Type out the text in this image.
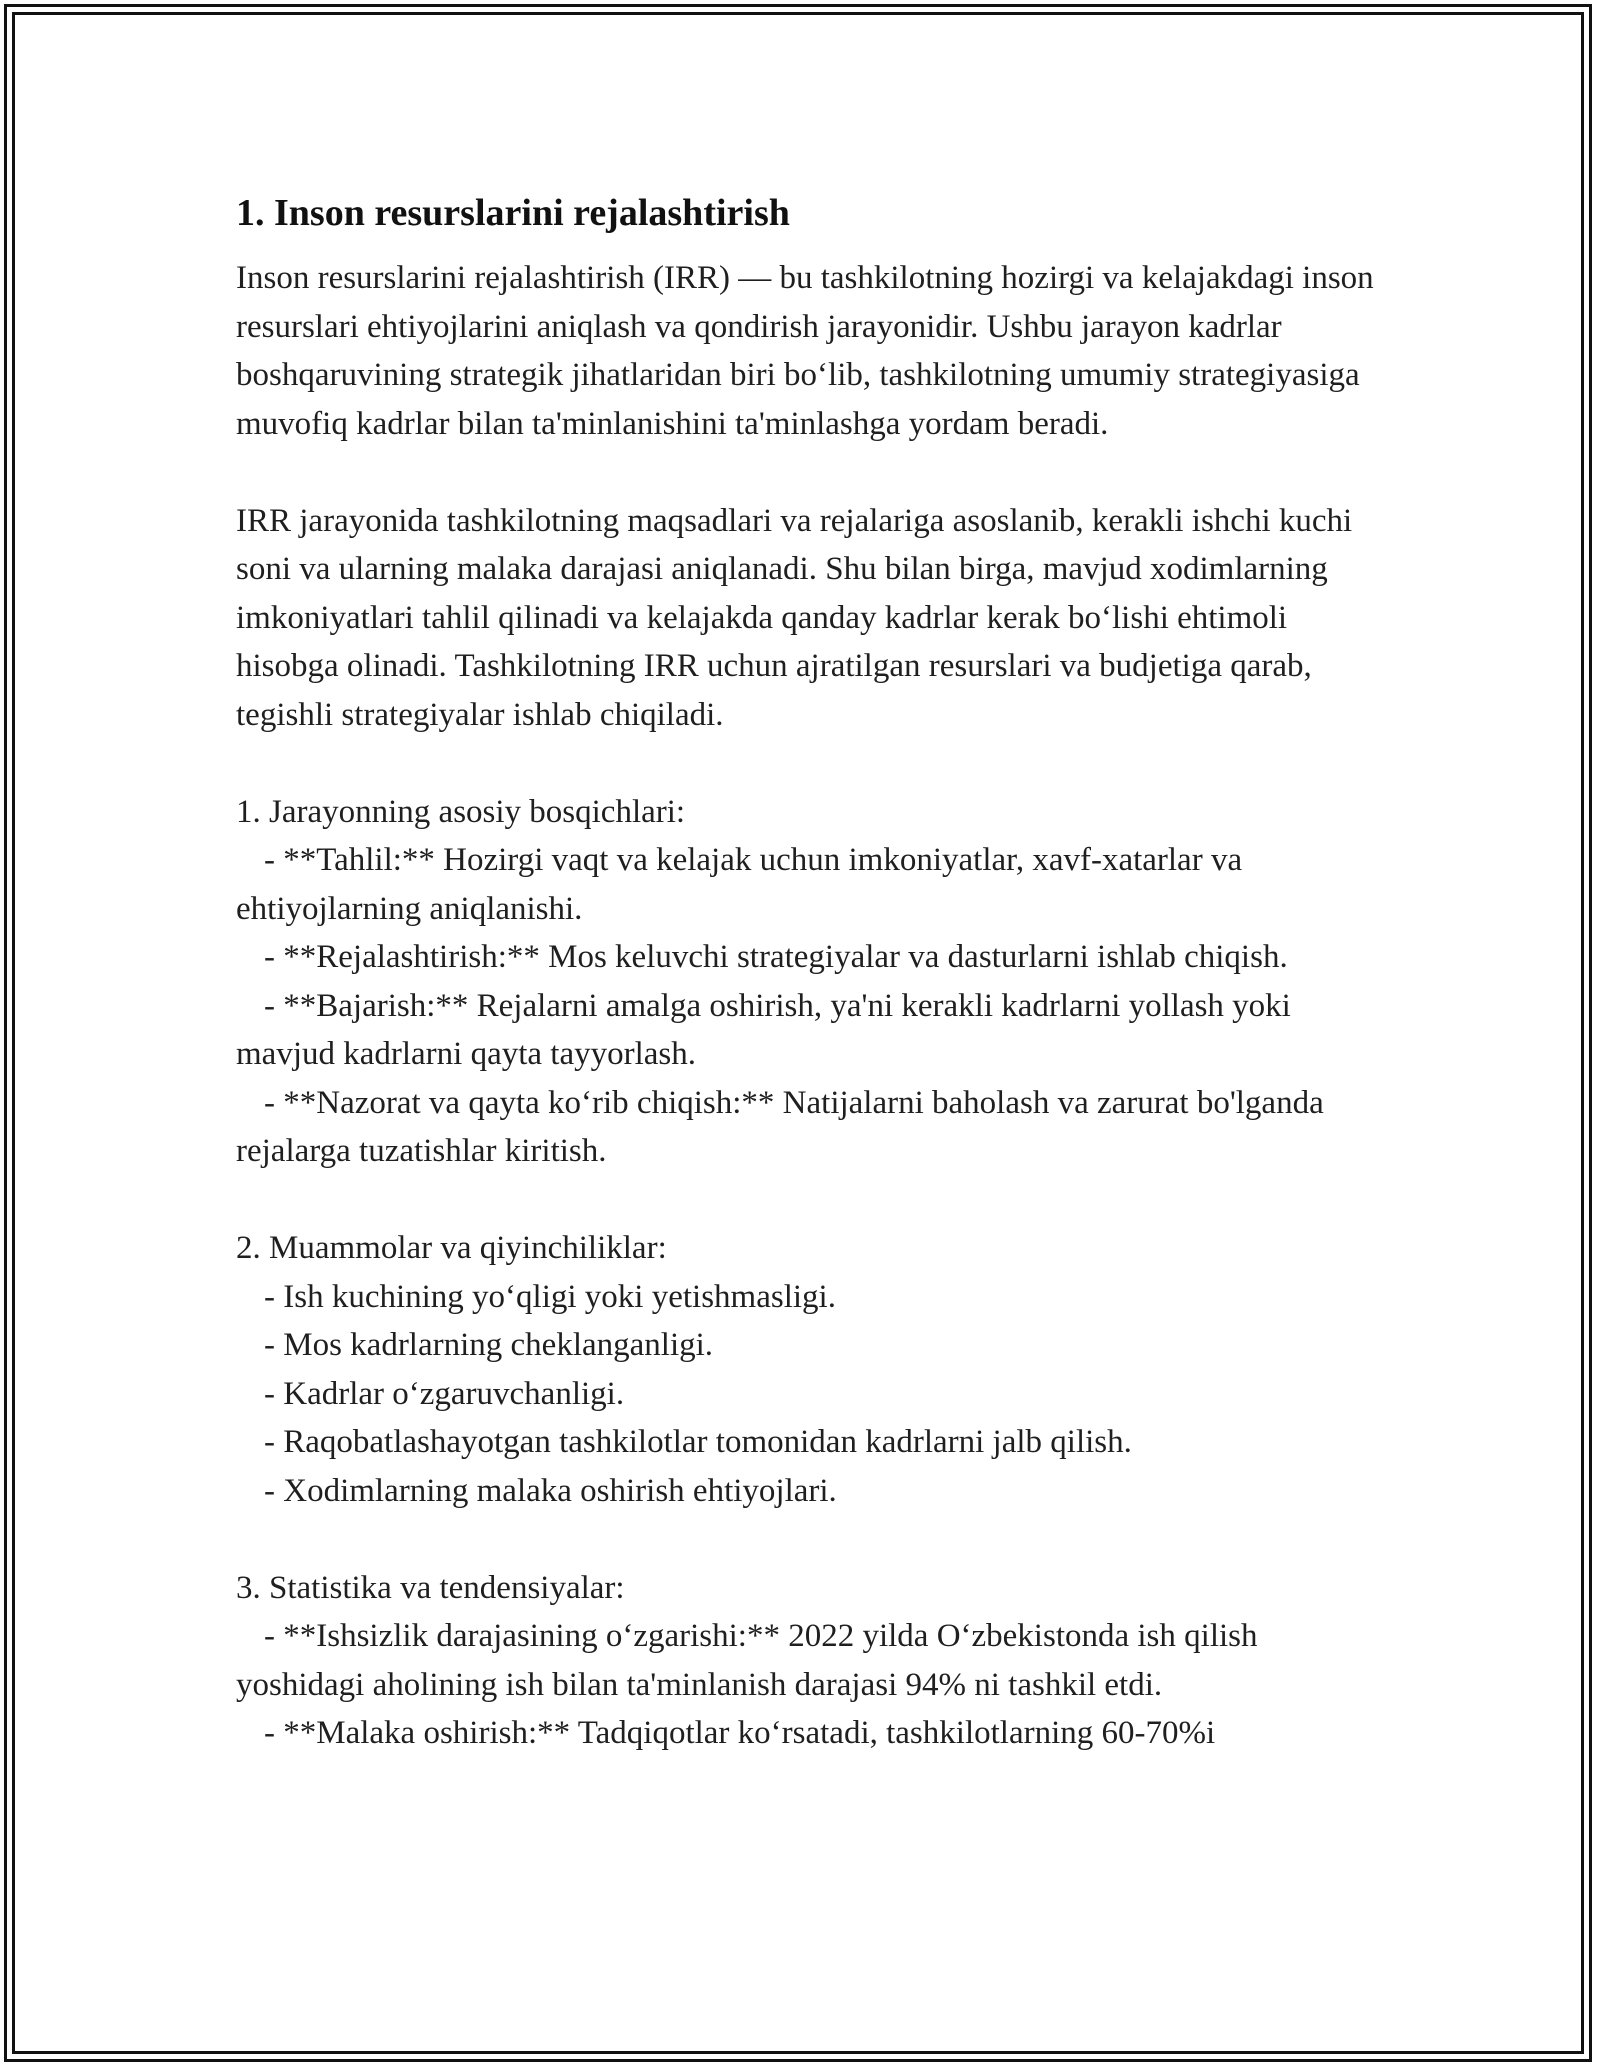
1. Inson resurslarini rejalashtirish

Inson resurslarini rejalashtirish (IRR) — bu tashkilotning hozirgi va kelajakdagi inson resurslari ehtiyojlarini aniqlash va qondirish jarayonidir. Ushbu jarayon kadrlar boshqaruvining strategik jihatlaridan biri bo‘lib, tashkilotning umumiy strategiyasiga muvofiq kadrlar bilan ta'minlanishini ta'minlashga yordam beradi.

IRR jarayonida tashkilotning maqsadlari va rejalariga asoslanib, kerakli ishchi kuchi soni va ularning malaka darajasi aniqlanadi. Shu bilan birga, mavjud xodimlarning imkoniyatlari tahlil qilinadi va kelajakda qanday kadrlar kerak bo‘lishi ehtimoli hisobga olinadi. Tashkilotning IRR uchun ajratilgan resurslari va budjetiga qarab, tegishli strategiyalar ishlab chiqiladi.

1. Jarayonning asosiy bosqichlari:

- **Tahlil:** Hozirgi vaqt va kelajak uchun imkoniyatlar, xavf-xatarlar va ehtiyojlarning aniqlanishi.

- **Rejalashtirish:** Mos keluvchi strategiyalar va dasturlarni ishlab chiqish.

- **Bajarish:** Rejalarni amalga oshirish, ya'ni kerakli kadrlarni yollash yoki mavjud kadrlarni qayta tayyorlash.

- **Nazorat va qayta ko‘rib chiqish:** Natijalarni baholash va zarurat bo'lganda rejalarga tuzatishlar kiritish.

2. Muammolar va qiyinchiliklar:

- Ish kuchining yo‘qligi yoki yetishmasligi.

- Mos kadrlarning cheklanganligi.

- Kadrlar o‘zgaruvchanligi.

- Raqobatlashayotgan tashkilotlar tomonidan kadrlarni jalb qilish.

- Xodimlarning malaka oshirish ehtiyojlari.

3. Statistika va tendensiyalar:

- **Ishsizlik darajasining o‘zgarishi:** 2022 yilda O‘zbekistonda ish qilish yoshidagi aholining ish bilan ta'minlanish darajasi 94% ni tashkil etdi.

- **Malaka oshirish:** Tadqiqotlar ko‘rsatadi, tashkilotlarning 60-70%i
